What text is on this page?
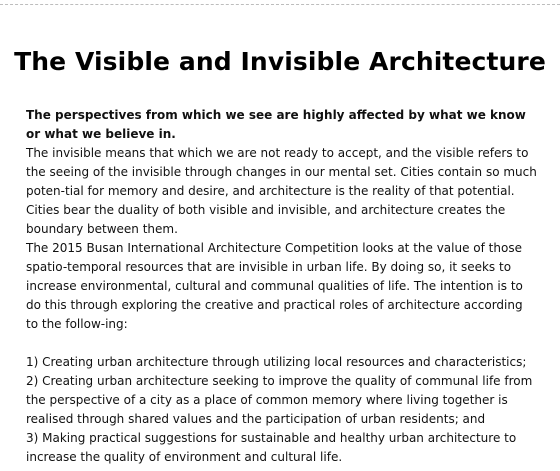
The Visible and Invisible Architecture

The perspectives from which we see are highly affected by what we know or what we believe in.

The invisible means that which we are not ready to accept, and the visible refers to the seeing of the invisible through changes in our mental set. Cities contain so much poten-tial for memory and desire, and architecture is the reality of that potential. Cities bear the duality of both visible and invisible, and architecture creates the boundary between them.

The 2015 Busan International Architecture Competition looks at the value of those spatio-temporal resources that are invisible in urban life. By doing so, it seeks to increase environmental, cultural and communal qualities of life. The intention is to do this through exploring the creative and practical roles of architecture according to the follow-ing:

1) Creating urban architecture through utilizing local resources and characteristics;

2) Creating urban architecture seeking to improve the quality of communal life from the perspective of a city as a place of common memory where living together is realised through shared values and the participation of urban residents; and

3) Making practical suggestions for sustainable and healthy urban architecture to increase the quality of environment and cultural life.
